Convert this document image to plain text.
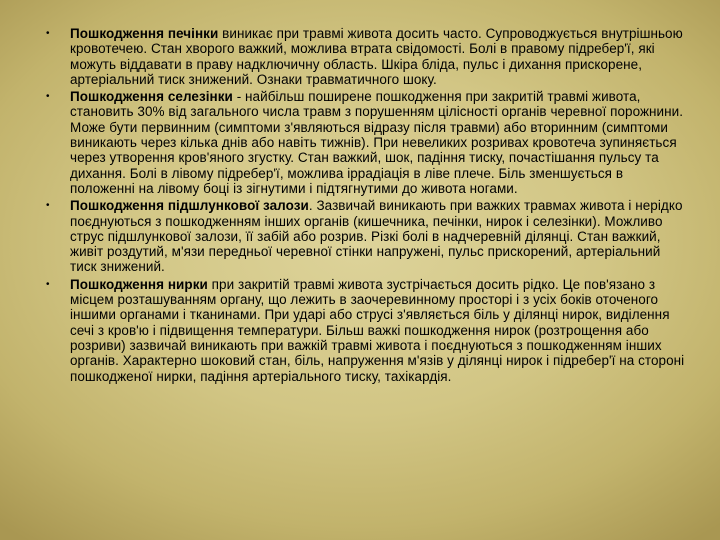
• Пошкодження печінки виникає при травмі живота досить часто. Супроводжується внутрішньою кровотечею. Стан хворого важкий, можлива втрата свідомості. Болі в правому підребер'ї, які можуть віддавати в праву надключичну область. Шкіра бліда, пульс і дихання прискорене, артеріальний тиск знижений. Ознаки травматичного шоку.
• Пошкодження селезінки - найбільш поширене пошкодження при закритій травмі живота, становить 30% від загального числа травм з порушенням цілісності органів черевної порожнини. Може бути первинним (симптоми з'являються відразу після травми) або вторинним (симптоми виникають через кілька днів або навіть тижнів). При невеликих розривах кровотеча зупиняється через утворення кров'яного згустку. Стан важкий, шок, падіння тиску, почастішання пульсу та дихання. Болі в лівому підребер'ї, можлива іррадіація в ліве плече. Біль зменшується в положенні на лівому боці із зігнутими і підтягнутими до живота ногами.
• Пошкодження підшлункової залози. Зазвичай виникають при важких травмах живота і нерідко поєднуються з пошкодженням інших органів (кишечника, печінки, нирок і селезінки). Можливо струс підшлункової залози, її забій або розрив. Різкі болі в надчеревній ділянці. Стан важкий, живіт роздутий, м'язи передньої черевної стінки напружені, пульс прискорений, артеріальний тиск знижений.
• Пошкодження нирки при закритій травмі живота зустрічається досить рідко. Це пов'язано з місцем розташуванням органу, що лежить в заочеревинному просторі і з усіх боків оточеного іншими органами і тканинами. При ударі або струсі з'являється біль у ділянці нирок, виділення сечі з кров'ю і підвищення температури. Більш важкі пошкодження нирок (розтрощення або розриви) зазвичай виникають при важкій травмі живота і поєднуються з пошкодженням інших органів. Характерно шоковий стан, біль, напруження м'язів у ділянці нирок і підребер'ї на стороні пошкодженої нирки, падіння артеріального тиску, тахікардія.
